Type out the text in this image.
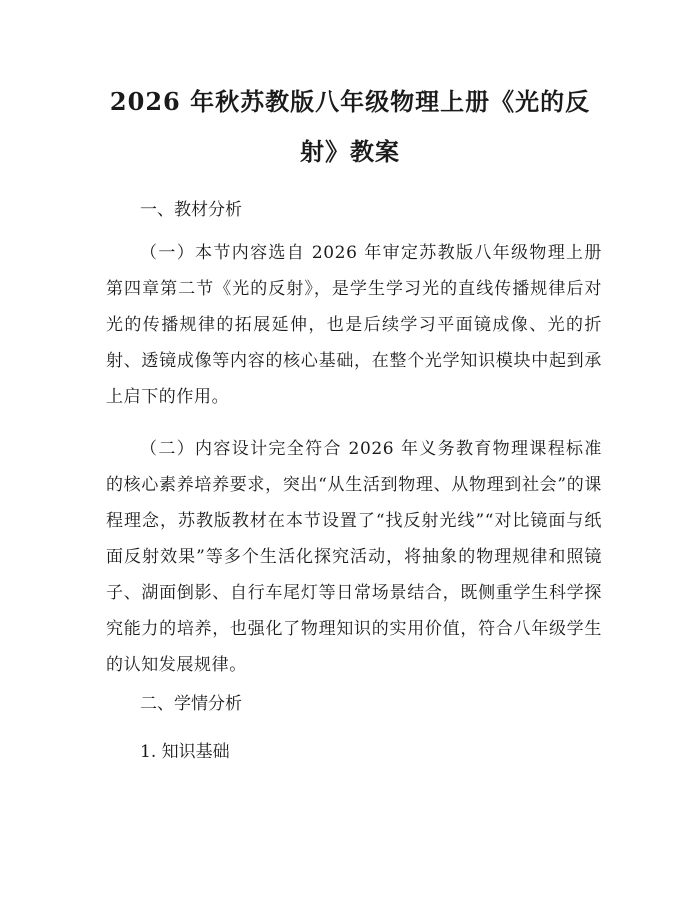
2026 年秋苏教版八年级物理上册《光的反
射》教案
一、教材分析
（一）本节内容选自 2026 年审定苏教版八年级物理上册第四章第二节《光的反射》，是学生学习光的直线传播规律后对光的传播规律的拓展延伸，也是后续学习平面镜成像、光的折射、透镜成像等内容的核心基础，在整个光学知识模块中起到承上启下的作用。
（二）内容设计完全符合 2026 年义务教育物理课程标准的核心素养培养要求，突出“从生活到物理、从物理到社会”的课程理念，苏教版教材在本节设置了“找反射光线”“对比镜面与纸面反射效果”等多个生活化探究活动，将抽象的物理规律和照镜子、湖面倒影、自行车尾灯等日常场景结合，既侧重学生科学探究能力的培养，也强化了物理知识的实用价值，符合八年级学生的认知发展规律。
二、学情分析
1. 知识基础
